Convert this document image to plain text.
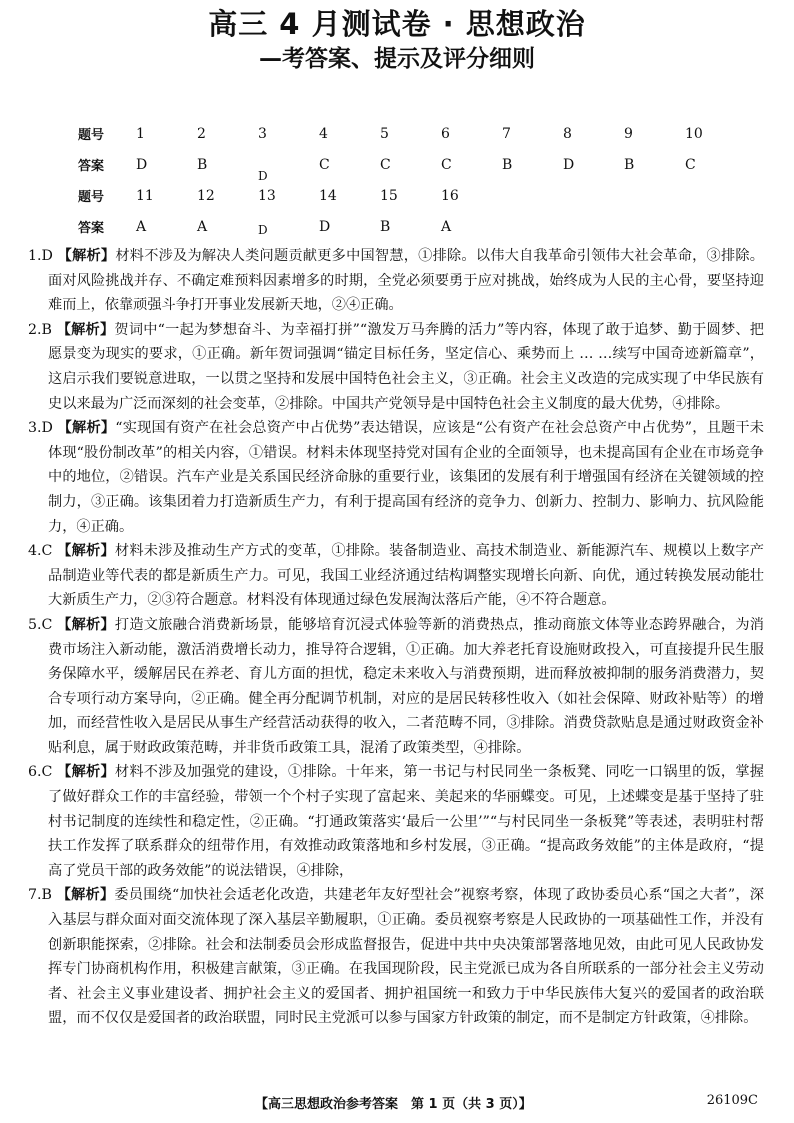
高三 4 月测试卷 · 思想政治
—考答案、提示及评分细则
题号	1	2	3	4	5	6	7	8	9	10
答案	D	B	D	C	C	C	B	D	B	C
题号	11	12	13	14	15	16				
答案	A	A	D	D	B	A				

1.D 【解析】材料不涉及为解决人类问题贡献更多中国智慧，①排除。以伟大自我革命引领伟大社会革命，③排除。面对风险挑战并存、不确定难预料因素增多的时期，全党必须要勇于应对挑战，始终成为人民的主心骨，要坚持迎难而上，依靠顽强斗争打开事业发展新天地，②④正确。

2.B 【解析】贺词中“一起为梦想奋斗、为幸福打拼”“激发万马奔腾的活力”等内容，体现了敢于追梦、勤于圆梦、把愿景变为现实的要求，①正确。新年贺词强调“锚定目标任务，坚定信心、乘势而上 … …续写中国奇迹新篇章”，这启示我们要锐意进取，一以贯之坚持和发展中国特色社会主义，③正确。社会主义改造的完成实现了中华民族有史以来最为广泛而深刻的社会变革，②排除。中国共产党领导是中国特色社会主义制度的最大优势，④排除。

3.D 【解析】“实现国有资产在社会总资产中占优势”表达错误，应该是“公有资产在社会总资产中占优势”，且题干未体现“股份制改革”的相关内容，①错误。材料未体现坚持党对国有企业的全面领导，也未提高国有企业在市场竞争中的地位，②错误。汽车产业是关系国民经济命脉的重要行业，该集团的发展有利于增强国有经济在关键领域的控制力，③正确。该集团着力打造新质生产力，有利于提高国有经济的竞争力、创新力、控制力、影响力、抗风险能力，④正确。

4.C 【解析】材料未涉及推动生产方式的变革，①排除。装备制造业、高技术制造业、新能源汽车、规模以上数字产品制造业等代表的都是新质生产力。可见，我国工业经济通过结构调整实现增长向新、向优，通过转换发展动能壮大新质生产力，②③符合题意。材料没有体现通过绿色发展淘汰落后产能，④不符合题意。

5.C 【解析】打造文旅融合消费新场景，能够培育沉浸式体验等新的消费热点，推动商旅文体等业态跨界融合，为消费市场注入新动能，激活消费增长动力，推导符合逻辑，①正确。加大养老托育设施财政投入，可直接提升民生服务保障水平，缓解居民在养老、育儿方面的担忧，稳定未来收入与消费预期，进而释放被抑制的服务消费潜力，契合专项行动方案导向，②正确。健全再分配调节机制，对应的是居民转移性收入（如社会保障、财政补贴等）的增加，而经营性收入是居民从事生产经营活动获得的收入，二者范畴不同，③排除。消费贷款贴息是通过财政资金补贴利息，属于财政政策范畴，并非货币政策工具，混淆了政策类型，④排除。

6.C 【解析】材料不涉及加强党的建设，①排除。十年来，第一书记与村民同坐一条板凳、同吃一口锅里的饭，掌握了做好群众工作的丰富经验，带领一个个村子实现了富起来、美起来的华丽蝶变。可见，上述蝶变是基于坚持了驻村书记制度的连续性和稳定性，②正确。“打通政策落实‘最后一公里’”“与村民同坐一条板凳”等表述，表明驻村帮扶工作发挥了联系群众的纽带作用，有效推动政策落地和乡村发展，③正确。“提高政务效能”的主体是政府，“提高了党员干部的政务效能”的说法错误，④排除，

7.B 【解析】委员围绕“加快社会适老化改造，共建老年友好型社会”视察考察，体现了政协委员心系“国之大者”，深入基层与群众面对面交流体现了深入基层辛勤履职，①正确。委员视察考察是人民政协的一项基础性工作，并没有创新职能探索，②排除。社会和法制委员会形成监督报告，促进中共中央决策部署落地见效，由此可见人民政协发挥专门协商机构作用，积极建言献策，③正确。在我国现阶段，民主党派已成为各自所联系的一部分社会主义劳动者、社会主义事业建设者、拥护社会主义的爱国者、拥护祖国统一和致力于中华民族伟大复兴的爱国者的政治联盟，而不仅仅是爱国者的政治联盟，同时民主党派可以参与国家方针政策的制定，而不是制定方针政策，④排除。

【高三思想政治参考答案　第 1 页（共 3 页）】	26109C
